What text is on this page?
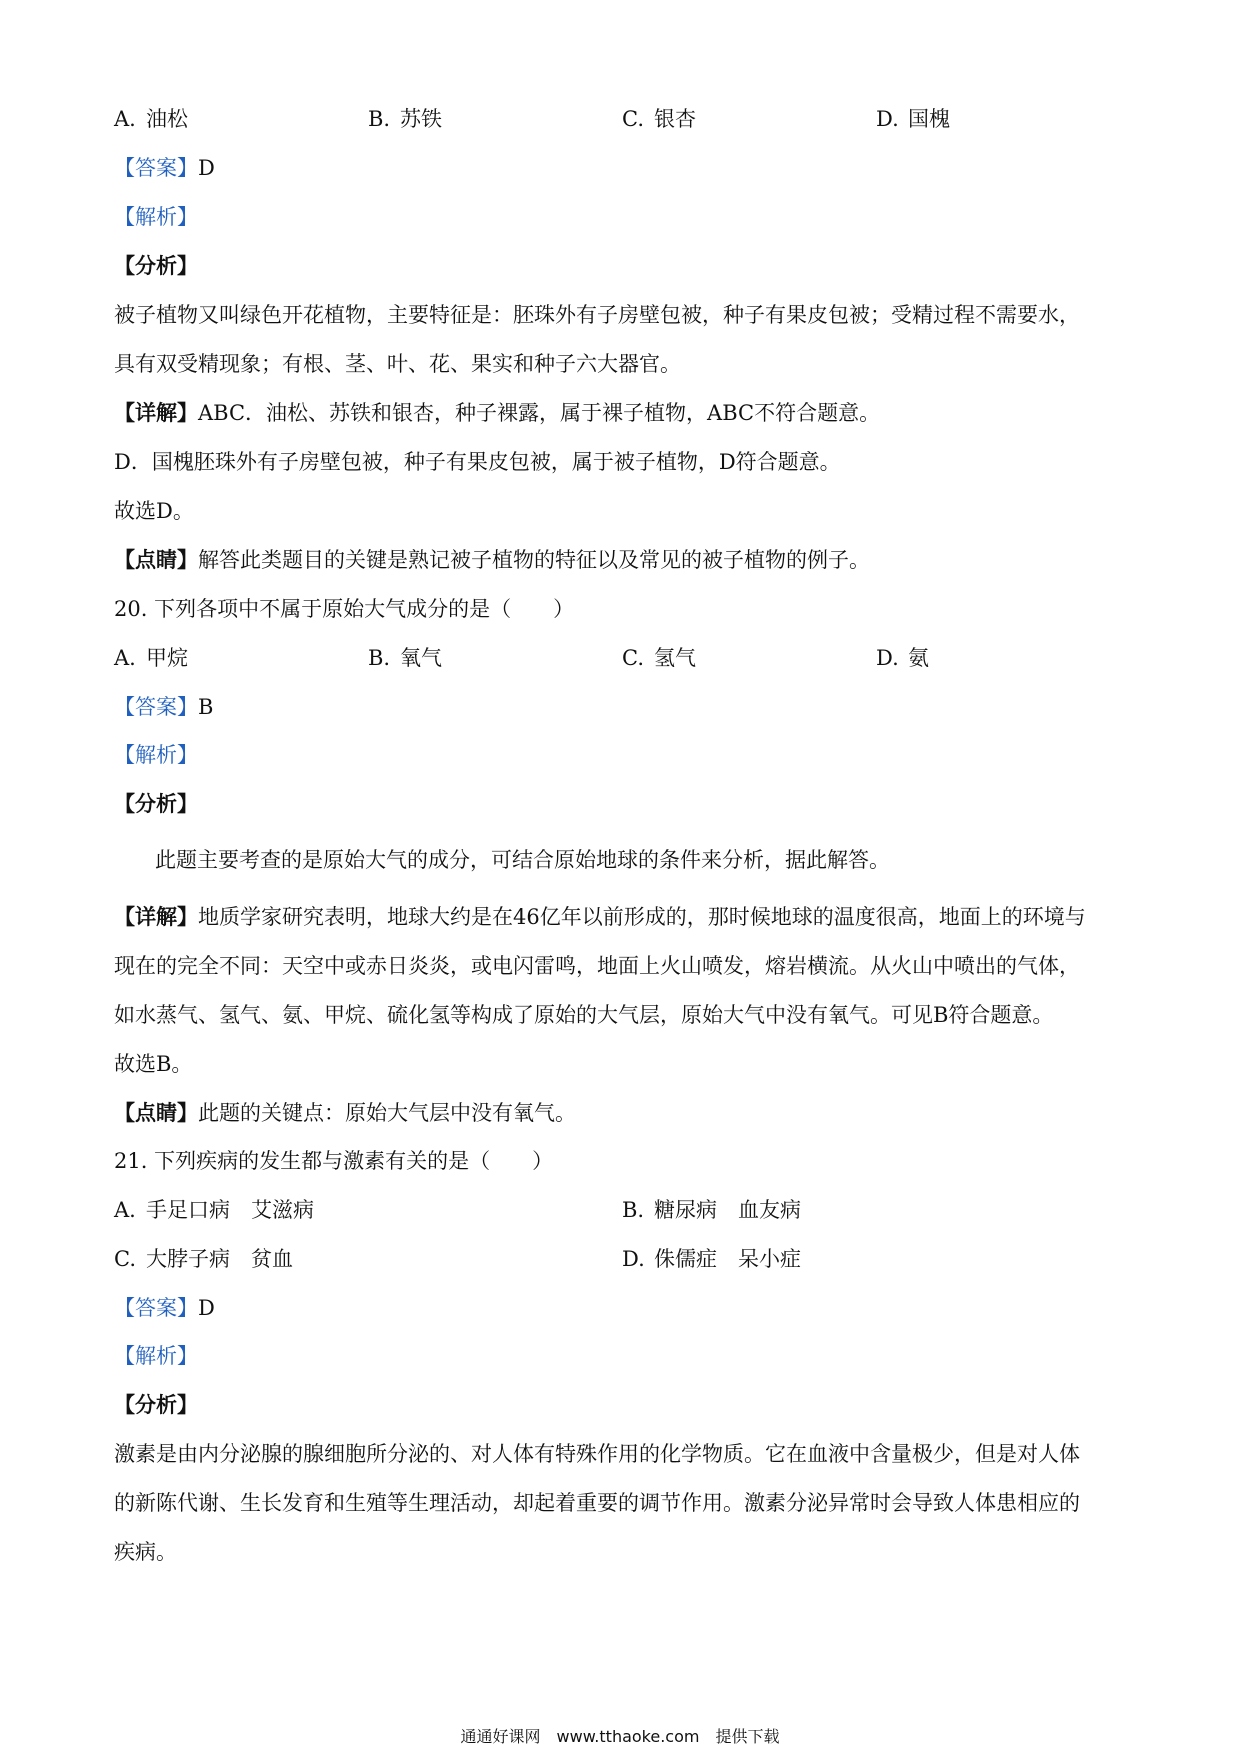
A. 油松	B. 苏铁	C. 银杏	D. 国槐
【答案】D
【解析】
【分析】
被子植物又叫绿色开花植物，主要特征是：胚珠外有子房壁包被，种子有果皮包被；受精过程不需要水，
具有双受精现象；有根、茎、叶、花、果实和种子六大器官。
【详解】ABC．油松、苏铁和银杏，种子裸露，属于裸子植物，ABC不符合题意。
D．国槐胚珠外有子房壁包被，种子有果皮包被，属于被子植物，D符合题意。
故选D。
【点睛】解答此类题目的关键是熟记被子植物的特征以及常见的被子植物的例子。
20. 下列各项中不属于原始大气成分的是（　　）
A. 甲烷	B. 氧气	C. 氢气	D. 氨
【答案】B
【解析】
【分析】
此题主要考查的是原始大气的成分，可结合原始地球的条件来分析，据此解答。
【详解】地质学家研究表明，地球大约是在46亿年以前形成的，那时候地球的温度很高，地面上的环境与
现在的完全不同：天空中或赤日炎炎，或电闪雷鸣，地面上火山喷发，熔岩横流。从火山中喷出的气体，
如水蒸气、氢气、氨、甲烷、硫化氢等构成了原始的大气层，原始大气中没有氧气。可见B符合题意。
故选B。
【点睛】此题的关键点：原始大气层中没有氧气。
21. 下列疾病的发生都与激素有关的是（　　）
A. 手足口病　艾滋病	B. 糖尿病　血友病
C. 大脖子病　贫血	D. 侏儒症　呆小症
【答案】D
【解析】
【分析】
激素是由内分泌腺的腺细胞所分泌的、对人体有特殊作用的化学物质。它在血液中含量极少，但是对人体
的新陈代谢、生长发育和生殖等生理活动，却起着重要的调节作用。激素分泌异常时会导致人体患相应的
疾病。
通通好课网　www.tthaoke.com　提供下载
